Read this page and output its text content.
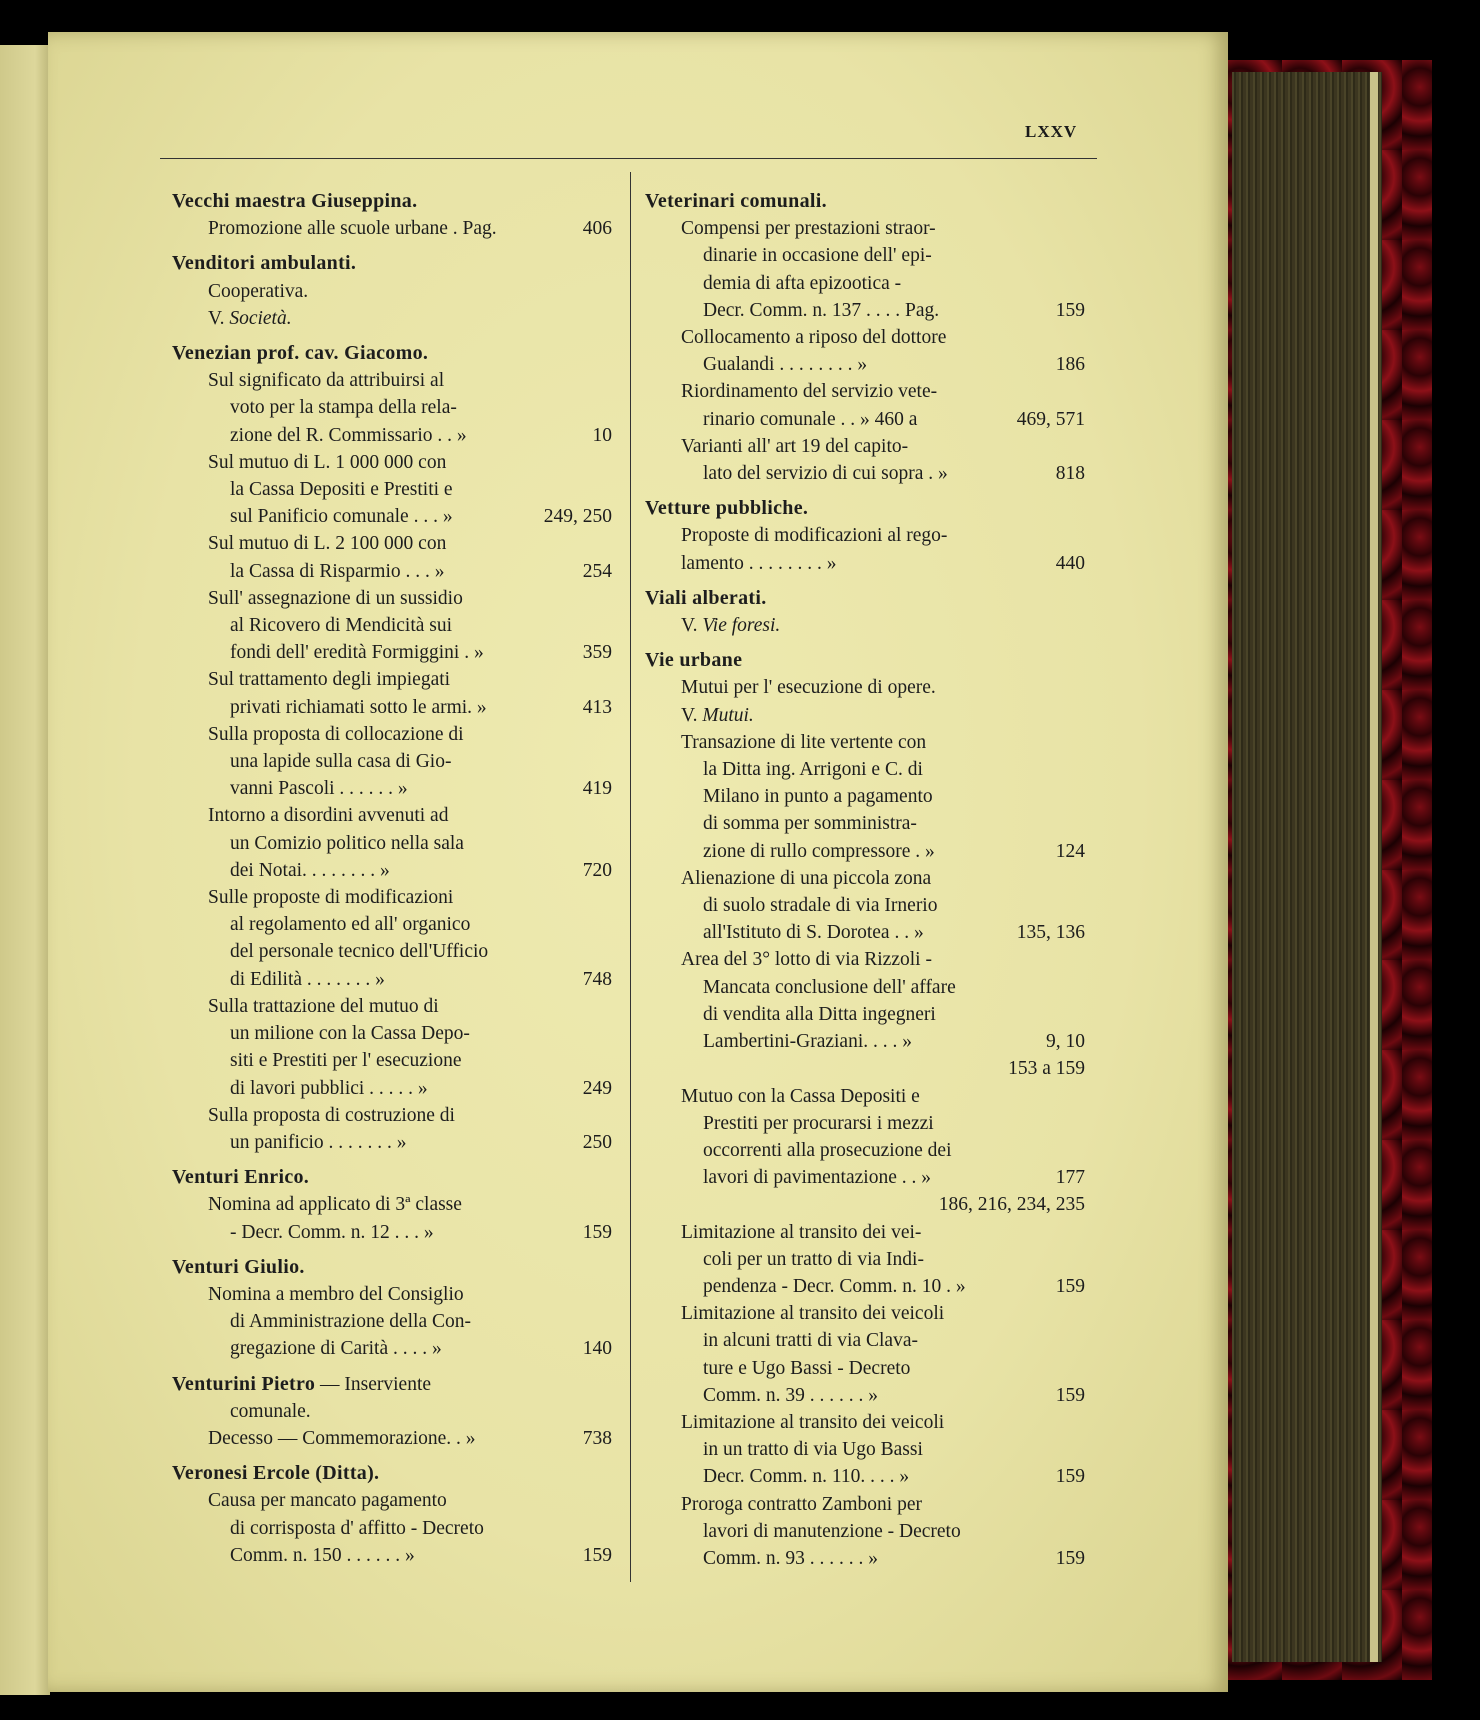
LXXV
Vecchi maestra Giuseppina.
Promozione alle scuole urbane . Pag.	406
Venditori ambulanti.
Cooperativa.
V. Società.
Venezian prof. cav. Giacomo.
Sul significato da attribuirsi al
voto per la stampa della rela-
zione del R. Commissario . . »	10
Sul mutuo di L. 1 000 000 con
la Cassa Depositi e Prestiti e
sul Panificio comunale . . . »	249, 250
Sul mutuo di L. 2 100 000 con
la Cassa di Risparmio . . . »	254
Sull' assegnazione di un sussidio
al Ricovero di Mendicità sui
fondi dell' eredità Formiggini . »	359
Sul trattamento degli impiegati
privati richiamati sotto le armi. »	413
Sulla proposta di collocazione di
una lapide sulla casa di Gio-
vanni Pascoli . . . . . . »	419
Intorno a disordini avvenuti ad
un Comizio politico nella sala
dei Notai. . . . . . . . »	720
Sulle proposte di modificazioni
al regolamento ed all' organico
del personale tecnico dell'Ufficio
di Edilità . . . . . . . »	748
Sulla trattazione del mutuo di
un milione con la Cassa Depo-
siti e Prestiti per l' esecuzione
di lavori pubblici . . . . . »	249
Sulla proposta di costruzione di
un panificio . . . . . . . »	250
Venturi Enrico.
Nomina ad applicato di 3ª classe
- Decr. Comm. n. 12 . . . »	159
Venturi Giulio.
Nomina a membro del Consiglio
di Amministrazione della Con-
gregazione di Carità . . . . »	140
Venturini Pietro — Inserviente
comunale.
Decesso — Commemorazione. . »	738
Veronesi Ercole (Ditta).
Causa per mancato pagamento
di corrisposta d' affitto - Decreto
Comm. n. 150 . . . . . . »	159
Veterinari comunali.
Compensi per prestazioni straor-
dinarie in occasione dell' epi-
demia di afta epizootica -
Decr. Comm. n. 137 . . . . Pag.	159
Collocamento a riposo del dottore
Gualandi . . . . . . . . »	186
Riordinamento del servizio vete-
rinario comunale . . » 460 a	469, 571
Varianti all' art 19 del capito-
lato del servizio di cui sopra . »	818
Vetture pubbliche.
Proposte di modificazioni al rego-
lamento . . . . . . . . »	440
Viali alberati.
V. Vie foresi.
Vie urbane
Mutui per l' esecuzione di opere.
V. Mutui.
Transazione di lite vertente con
la Ditta ing. Arrigoni e C. di
Milano in punto a pagamento
di somma per somministra-
zione di rullo compressore . »	124
Alienazione di una piccola zona
di suolo stradale di via Irnerio
all'Istituto di S. Dorotea . . »	135, 136
Area del 3° lotto di via Rizzoli -
Mancata conclusione dell' affare
di vendita alla Ditta ingegneri
Lambertini-Graziani. . . . »	9, 10
153 a 159
Mutuo con la Cassa Depositi e
Prestiti per procurarsi i mezzi
occorrenti alla prosecuzione dei
lavori di pavimentazione . . »	177
186, 216, 234, 235
Limitazione al transito dei vei-
coli per un tratto di via Indi-
pendenza - Decr. Comm. n. 10 . »	159
Limitazione al transito dei veicoli
in alcuni tratti di via Clava-
ture e Ugo Bassi - Decreto
Comm. n. 39 . . . . . . »	159
Limitazione al transito dei veicoli
in un tratto di via Ugo Bassi
Decr. Comm. n. 110. . . . »	159
Proroga contratto Zamboni per
lavori di manutenzione - Decreto
Comm. n. 93 . . . . . . »	159
